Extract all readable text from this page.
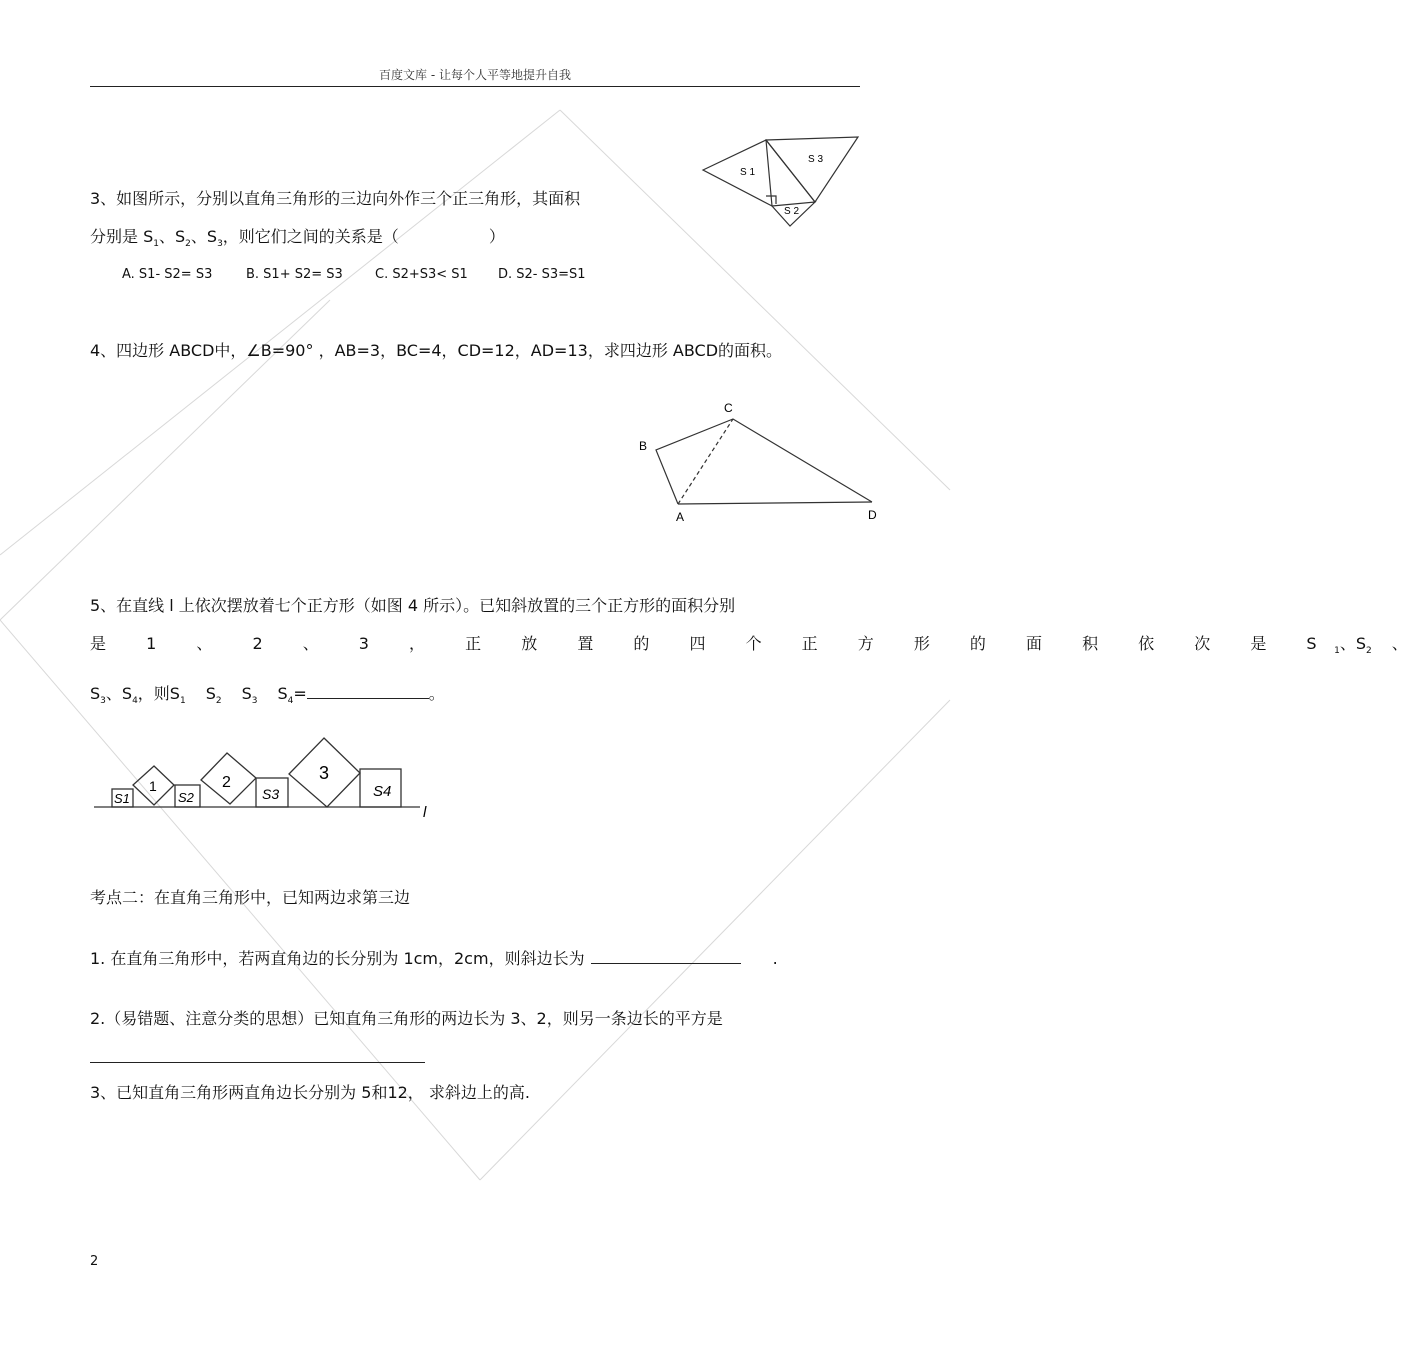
百度文库 - 让每个人平等地提升自我
S 1
S 3
S 2
3、如图所示，分别以直角三角形的三边向外作三个正三角形，其面积
分别是 $S_1$、$S_2$、$S_3$，则它们之间的关系是（	）
A. S1- S2= S3	B. S1+ S2= S3 C. S2+S3< S1 D. S2- S3=S1
4、四边形 ABCD中，∠B=90° ，AB=3，BC=4，CD=12，AD=13，求四边形 ABCD的面积。
B
C
A	D
5、在直线 l 上依次摆放着七个正方形（如图 4 所示）。已知斜放置的三个正方形的面积分别
是 1 、 2 、 3 ， 正 放 置 的 四 个 正 方 形 的 面 积 依 次 是 $S_1$、$S_2$ 、
$S_3$、$S_4$，则$S_1$ $S_2$ $S_3$ $S_4=$	。
S1
1
S2
2
S3
3
S4
l
考点二：在直角三角形中，已知两边求第三边
1. 在直角三角形中，若两直角边的长分别为 1cm，2cm，则斜边长为	.
2.（易错题、注意分类的思想）已知直角三角形的两边长为 3、2，则另一条边长的平方是
3、已知直角三角形两直角边长分别为 5和12， 求斜边上的高.
2
